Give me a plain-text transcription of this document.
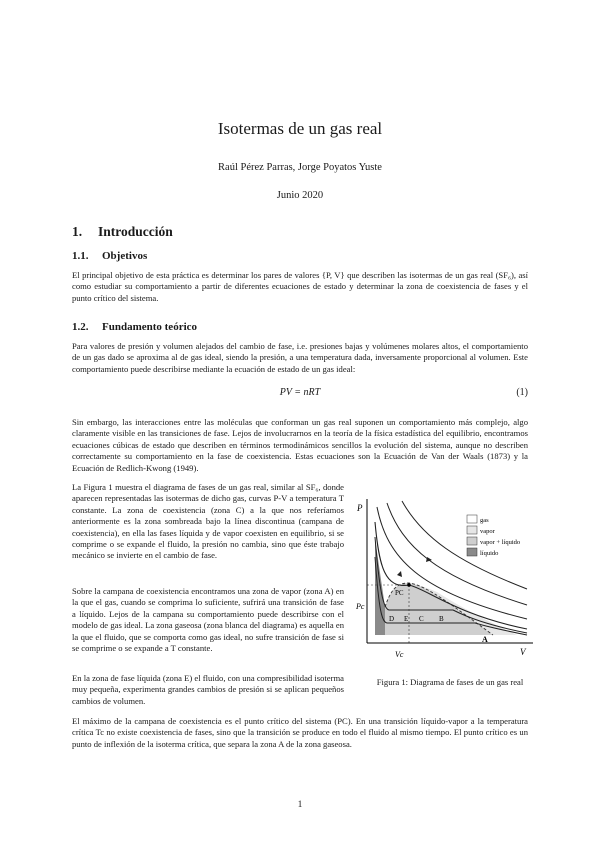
Isotermas de un gas real
Raúl Pérez Parras, Jorge Poyatos Yuste
Junio 2020
1. Introducción
1.1. Objetivos
El principal objetivo de esta práctica es determinar los pares de valores {P, V} que describen las isotermas de un gas real (SF₆), así como estudiar su comportamiento a partir de diferentes ecuaciones de estado y determinar la zona de coexistencia de fases y el punto crítico del sistema.
1.2. Fundamento teórico
Para valores de presión y volumen alejados del cambio de fase, i.e. presiones bajas y volúmenes molares altos, el comportamiento de un gas dado se aproxima al de gas ideal, siendo la presión, a una temperatura dada, inversamente proporcional al volumen. Este comportamiento puede describirse mediante la ecuación de estado de un gas ideal:
PV = nRT	(1)
Sin embargo, las interacciones entre las moléculas que conforman un gas real suponen un comportamiento más complejo, algo claramente visible en las transiciones de fase. Lejos de involucrarnos en la teoría de la física estadística del equilibrio, encontramos ecuaciones cúbicas de estado que describen en términos termodinámicos sencillos la evolución del sistema, aunque no describen correctamente su comportamiento en la fase de coexistencia. Estas ecuaciones son la Ecuación de Van der Waals (1873) y la Ecuación de Redlich-Kwong (1949).
La Figura 1 muestra el diagrama de fases de un gas real, similar al SF₆, donde aparecen representadas las isotermas de dicho gas, curvas P-V a temperatura T constante. La zona de coexistencia (zona C) a la que nos referíamos anteriormente es la zona sombreada bajo la línea discontinua (campana de coexistencia), en ella las fases líquida y de vapor coexisten en equilibrio, si se comprime o se expande el fluido, la presión no cambia, sino que éste trabajo mecánico se invierte en el cambio de fase.
Sobre la campana de coexistencia encontramos una zona de vapor (zona A) en la que el gas, cuando se comprima lo suficiente, sufrirá una transición de fase a líquido. Lejos de la campana su comportamiento puede describirse con el modelo de gas ideal. La zona gaseosa (zona blanca del diagrama) es aquella en la que el fluido, que se comporta como gas ideal, no sufre transición de fase si se comprime o se expande a T constante.
En la zona de fase líquida (zona E) el fluido, con una compresibilidad isoterma muy pequeña, experimenta grandes cambios de presión si se aplican pequeños cambios de volumen.
P
Pc
V
Vc
PC
A
B
C
D E
gas
vapor
vapor + líquido
líquido
Figura 1: Diagrama de fases de un gas real
El máximo de la campana de coexistencia es el punto crítico del sistema (PC). En una transición líquido-vapor a la temperatura crítica Tc no existe coexistencia de fases, sino que la transición se produce en todo el fluido al mismo tiempo. El punto crítico es un punto de inflexión de la isoterma crítica, que separa la zona A de la zona gaseosa.
1
